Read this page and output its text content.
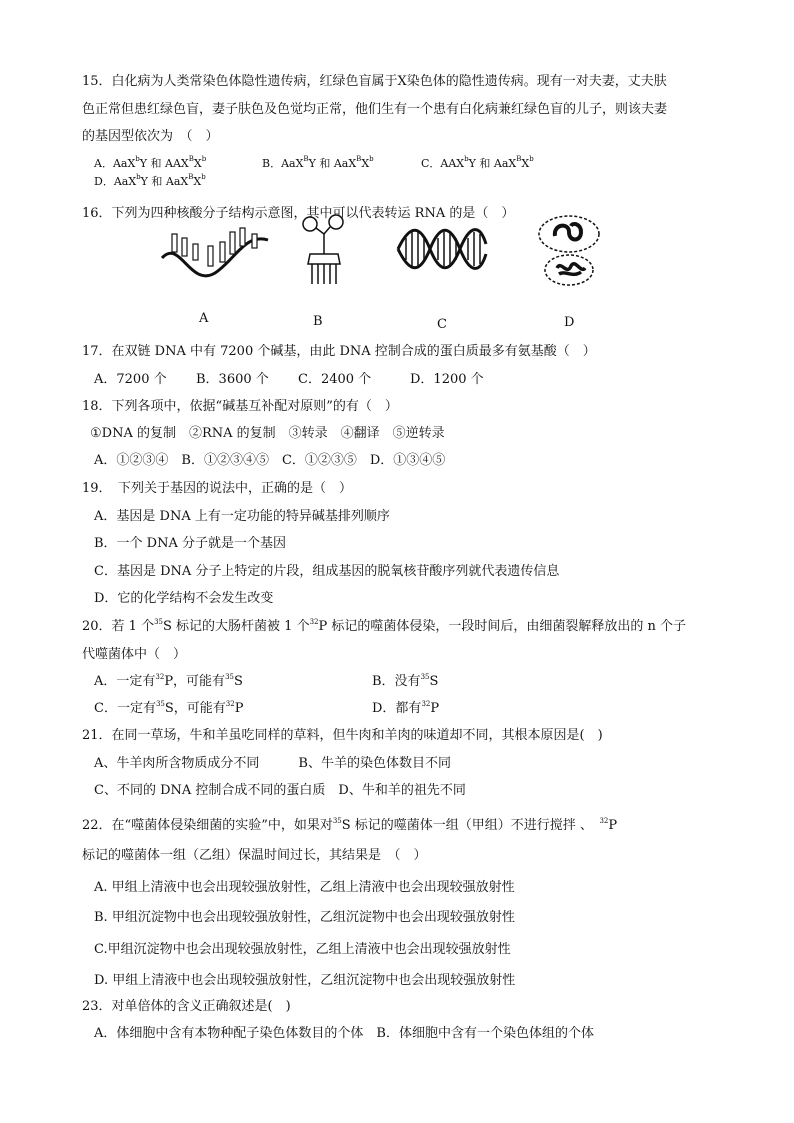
15．白化病为人类常染色体隐性遗传病，红绿色盲属于X染色体的隐性遗传病。现有一对夫妻，丈夫肤
色正常但患红绿色盲，妻子肤色及色觉均正常，他们生有一个患有白化病兼红绿色盲的儿子，则该夫妻
的基因型依次为　（　）
A．AaX$^b$Y 和 $AAX^BX^b$	B．AaX$^B$Y 和 $AaX^BX^b$	C．AAX$^b$Y 和 $AaX^BX^b$
D．AaX$^b$Y 和 $AaX^BX^b$
16．下列为四种核酸分子结构示意图，其中可以代表转运 RNA 的是（　）
A	B	C	D
17．在双链 DNA 中有 7200 个碱基，由此 DNA 控制合成的蛋白质最多有氨基酸（　）
A．7200 个 B．3600 个 C．2400 个	D．1200 个
18．下列各项中，依据“碱基互补配对原则”的有（　）
①DNA 的复制　②RNA 的复制　③转录　④翻译　⑤逆转录
A．①②③④　B．①②③④⑤　C．①②③⑤　D．①③④⑤
19．　下列关于基因的说法中，正确的是（　）
A．基因是 DNA 上有一定功能的特异碱基排列顺序
B．一个 DNA 分子就是一个基因
C．基因是 DNA 分子上特定的片段，组成基因的脱氧核苷酸序列就代表遗传信息
D．它的化学结构不会发生改变
20．若 1 个$^{35}$S 标记的大肠杆菌被 1 个$^{32}$P 标记的噬菌体侵染，一段时间后，由细菌裂解释放出的 n 个子
代噬菌体中（　）
A．一定有$^{32}$P，可能有$^{35}$S	B．没有$^{35}$S
C．一定有$^{35}$S，可能有$^{32}$P	D．都有$^{32}$P
21．在同一草场，牛和羊虽吃同样的草料，但牛肉和羊肉的味道却不同，其根本原因是(　)
A、牛羊肉所含物质成分不同　　　B、牛羊的染色体数目不同
C、不同的 DNA 控制合成不同的蛋白质　D、牛和羊的祖先不同
22．在“噬菌体侵染细菌的实验”中，如果对$^{35}$S 标记的噬菌体一组（甲组）不进行搅拌 、　 $^{32}$P
标记的噬菌体一组（乙组）保温时间过长，其结果是　（　）
A. 甲组上清液中也会出现较强放射性，乙组上清液中也会出现较强放射性
B. 甲组沉淀物中也会出现较强放射性，乙组沉淀物中也会出现较强放射性
C.甲组沉淀物中也会出现较强放射性，乙组上清液中也会出现较强放射性
D. 甲组上清液中也会出现较强放射性，乙组沉淀物中也会出现较强放射性
23．对单倍体的含义正确叙述是(　)
A．体细胞中含有本物种配子染色体数目的个体　B．体细胞中含有一个染色体组的个体
